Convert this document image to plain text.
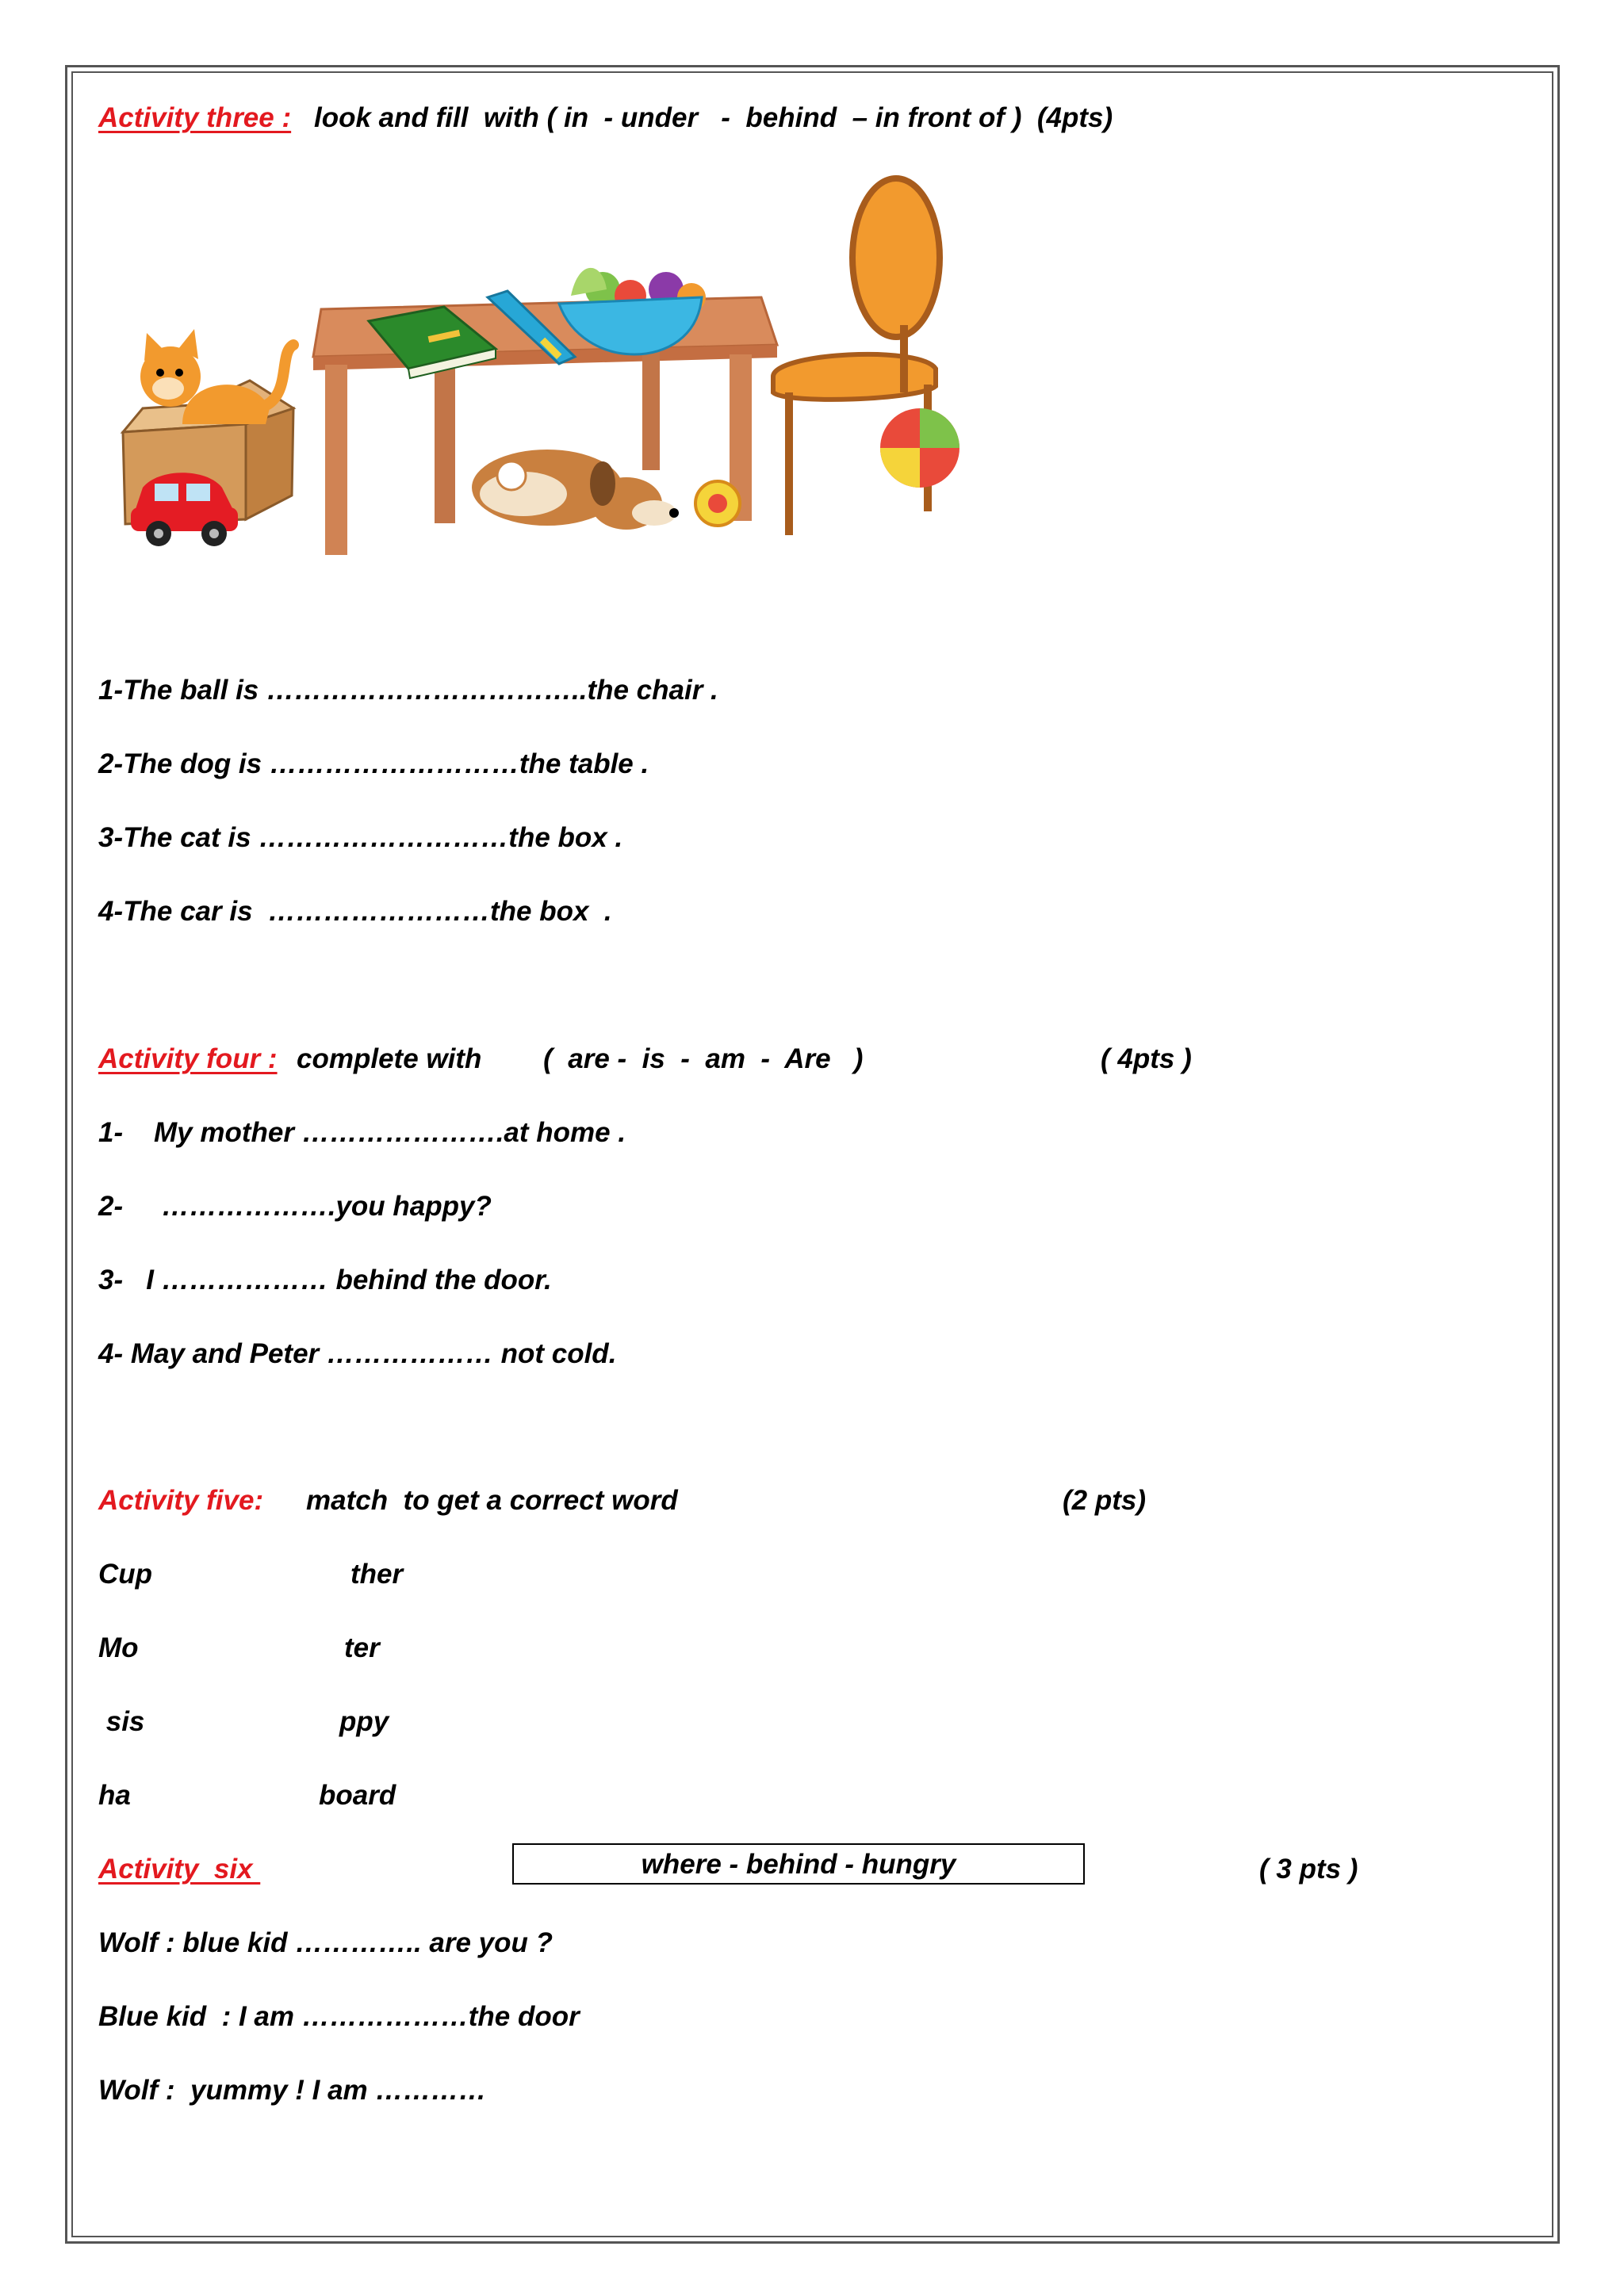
Activity three : look and fill  with ( in  - under   -  behind  – in front of )  (4pts)
1-The ball is ……………………………..the chair .
2-The dog is ………………………the table .
3-The cat is ………………………the box .
4-The car is  ……………………the box  .
Activity four : complete with        (  are -  is  -  am  -  Are   )	( 4pts )
1-    My mother ………………….at home .
2-     ……………….you happy?
3-   I ……………… behind the door.
4- May and Peter ……………… not cold.
Activity five: match  to get a correct word	(2 pts)
Cup	ther
Mo	ter
sis	ppy
ha	board
Activity  six	where - behind - hungry	( 3 pts )
Wolf : blue kid ………….. are you ?
Blue kid  : I am ………………the door
Wolf :  yummy ! I am …………
